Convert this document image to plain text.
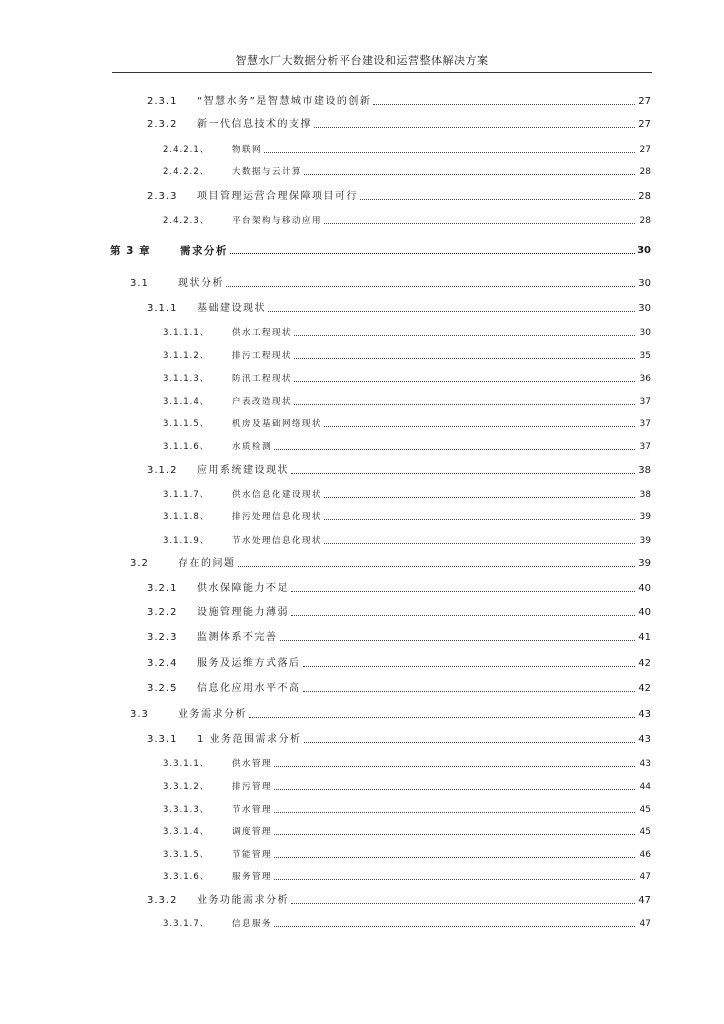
智慧水厂大数据分析平台建设和运营整体解决方案
2.3.1	“智慧水务”是智慧城市建设的创新	27
2.3.2	新一代信息技术的支撑	27
2.4.2.1、	物联网	27
2.4.2.2、	大数据与云计算	28
2.3.3	项目管理运营合理保障项目可行	28
2.4.2.3、	平台架构与移动应用	28
第 3 章	需求分析	30
3.1	现状分析	30
3.1.1	基础建设现状	30
3.1.1.1、	供水工程现状	30
3.1.1.2、	排污工程现状	35
3.1.1.3、	防汛工程现状	36
3.1.1.4、	户表改造现状	37
3.1.1.5、	机房及基础网络现状	37
3.1.1.6、	水质检测	37
3.1.2	应用系统建设现状	38
3.1.1.7、	供水信息化建设现状	38
3.1.1.8、	排污处理信息化现状	39
3.1.1.9、	节水处理信息化现状	39
3.2	存在的问题	39
3.2.1	供水保障能力不足	40
3.2.2	设施管理能力薄弱	40
3.2.3	监测体系不完善	41
3.2.4	服务及运维方式落后	42
3.2.5	信息化应用水平不高	42
3.3	业务需求分析	43
3.3.1	1 业务范围需求分析	43
3.3.1.1、	供水管理	43
3.3.1.2、	排污管理	44
3.3.1.3、	节水管理	45
3.3.1.4、	调度管理	45
3.3.1.5、	节能管理	46
3.3.1.6、	服务管理	47
3.3.2	业务功能需求分析	47
3.3.1.7、	信息服务	47
